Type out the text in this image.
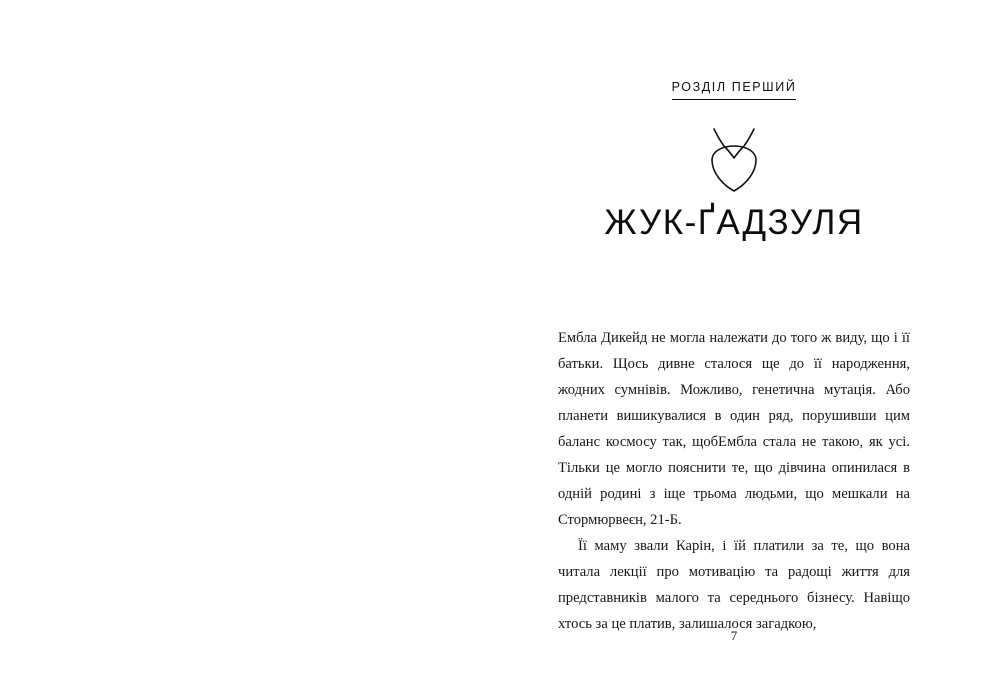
РОЗДІЛ ПЕРШИЙ
ЖУК-ҐАДЗУЛЯ

Ембла Дикейд не могла належати до того ж виду, що і її батьки. Щось дивне сталося ще до її народження, жодних сумнівів. Можливо, генетична мутація. Або планети вишикувалися в один ряд, порушивши цим баланс космосу так, щобЕмбла стала не такою, як усі. Тільки це могло пояснити те, що дівчина опинилася в одній родині з іще трьома людьми, що мешкали на Стормюрвеєн, 21-Б.

Її маму звали Карін, і їй платили за те, що вона читала лекції про мотивацію та радощі життя для представників малого та середнього бізнесу. Навіщо хтось за це платив, залишалося загадкою,

7
